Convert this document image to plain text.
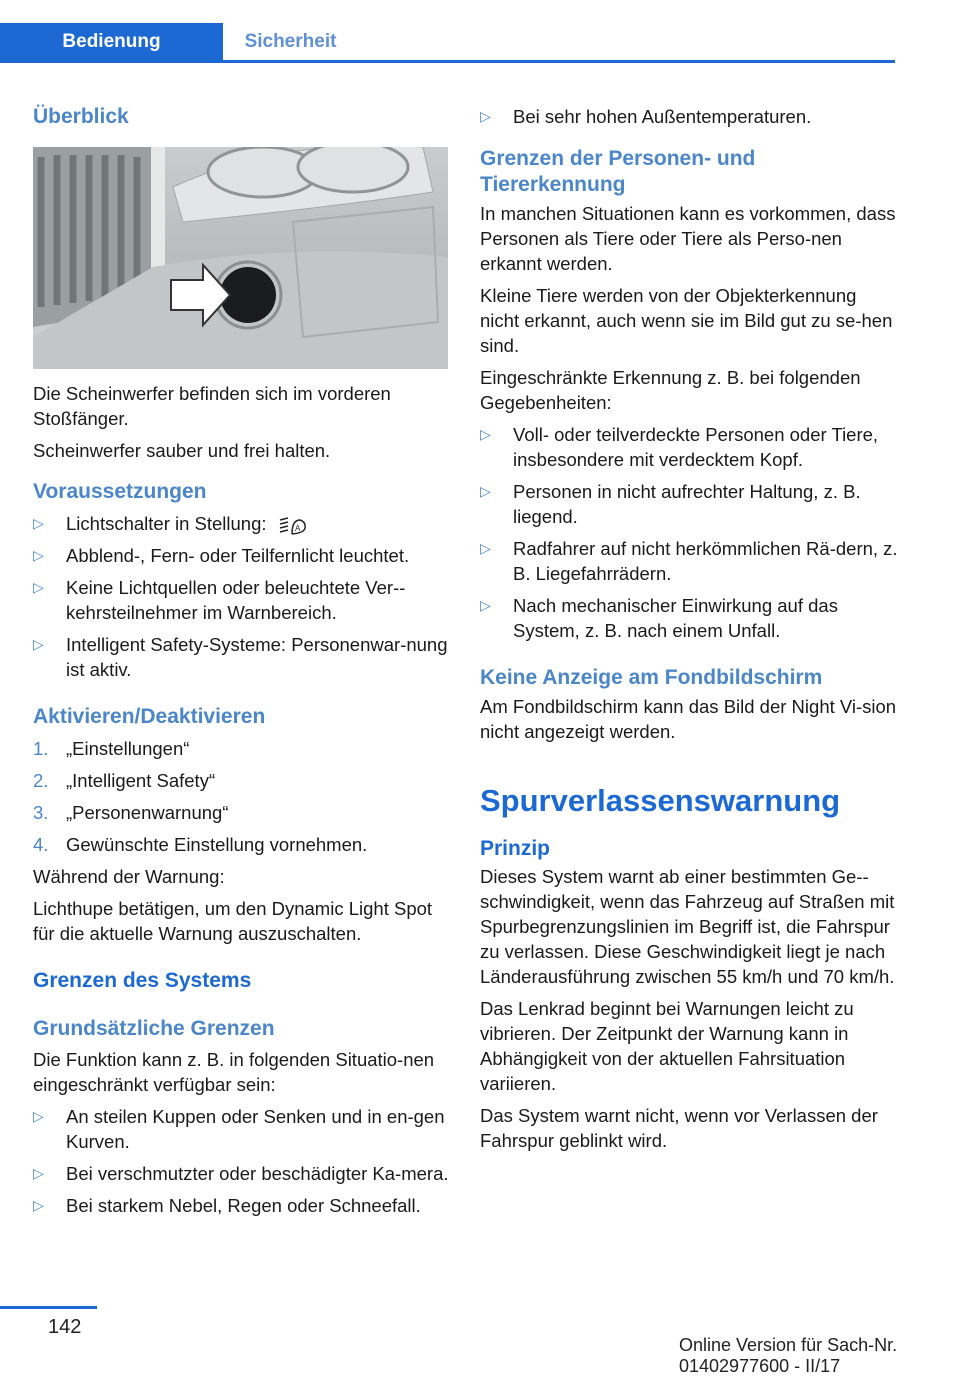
Bedienung	Sicherheit
Überblick

Die Scheinwerfer befinden sich im vorderen Stoßfänger.

Scheinwerfer sauber und frei halten.

Voraussetzungen
▷ Lichtschalter in Stellung:	A
▷ Abblend-, Fern- oder Teilfernlicht leuchtet.
▷ Keine Lichtquellen oder beleuchtete Ver-kehrsteilnehmer im Warnbereich.
▷ Intelligent Safety-Systeme: Personenwar-nung ist aktiv.
Aktivieren/Deaktivieren
1. „Einstellungen“
2. „Intelligent Safety“
3. „Personenwarnung“
4. Gewünschte Einstellung vornehmen.

Während der Warnung:

Lichthupe betätigen, um den Dynamic Light Spot für die aktuelle Warnung auszuschalten.

Grenzen des Systems
Grundsätzliche Grenzen

Die Funktion kann z. B. in folgenden Situatio-nen eingeschränkt verfügbar sein:

▷ An steilen Kuppen oder Senken und in en-gen Kurven.
▷ Bei verschmutzter oder beschädigter Ka-mera.
▷ Bei starkem Nebel, Regen oder Schneefall.
▷ Bei sehr hohen Außentemperaturen.
Grenzen der Personen- und Tiererkennung

In manchen Situationen kann es vorkommen, dass Personen als Tiere oder Tiere als Perso-nen erkannt werden.

Kleine Tiere werden von der Objekterkennung nicht erkannt, auch wenn sie im Bild gut zu se-hen sind.

Eingeschränkte Erkennung z. B. bei folgenden Gegebenheiten:

▷ Voll- oder teilverdeckte Personen oder Tiere, insbesondere mit verdecktem Kopf.
▷ Personen in nicht aufrechter Haltung, z. B. liegend.
▷ Radfahrer auf nicht herkömmlichen Rä-dern, z. B. Liegefahrrädern.
▷ Nach mechanischer Einwirkung auf das System, z. B. nach einem Unfall.
Keine Anzeige am Fondbildschirm

Am Fondbildschirm kann das Bild der Night Vi-sion nicht angezeigt werden.

Spurverlassenswarnung
Prinzip

Dieses System warnt ab einer bestimmten Ge-schwindigkeit, wenn das Fahrzeug auf Straßen mit Spurbegrenzungslinien im Begriff ist, die Fahrspur zu verlassen. Diese Geschwindigkeit liegt je nach Länderausführung zwischen 55 km/h und 70 km/h.

Das Lenkrad beginnt bei Warnungen leicht zu vibrieren. Der Zeitpunkt der Warnung kann in Abhängigkeit von der aktuellen Fahrsituation variieren.

Das System warnt nicht, wenn vor Verlassen der Fahrspur geblinkt wird.

142
Online Version für Sach-Nr. 01402977600 - II/17
